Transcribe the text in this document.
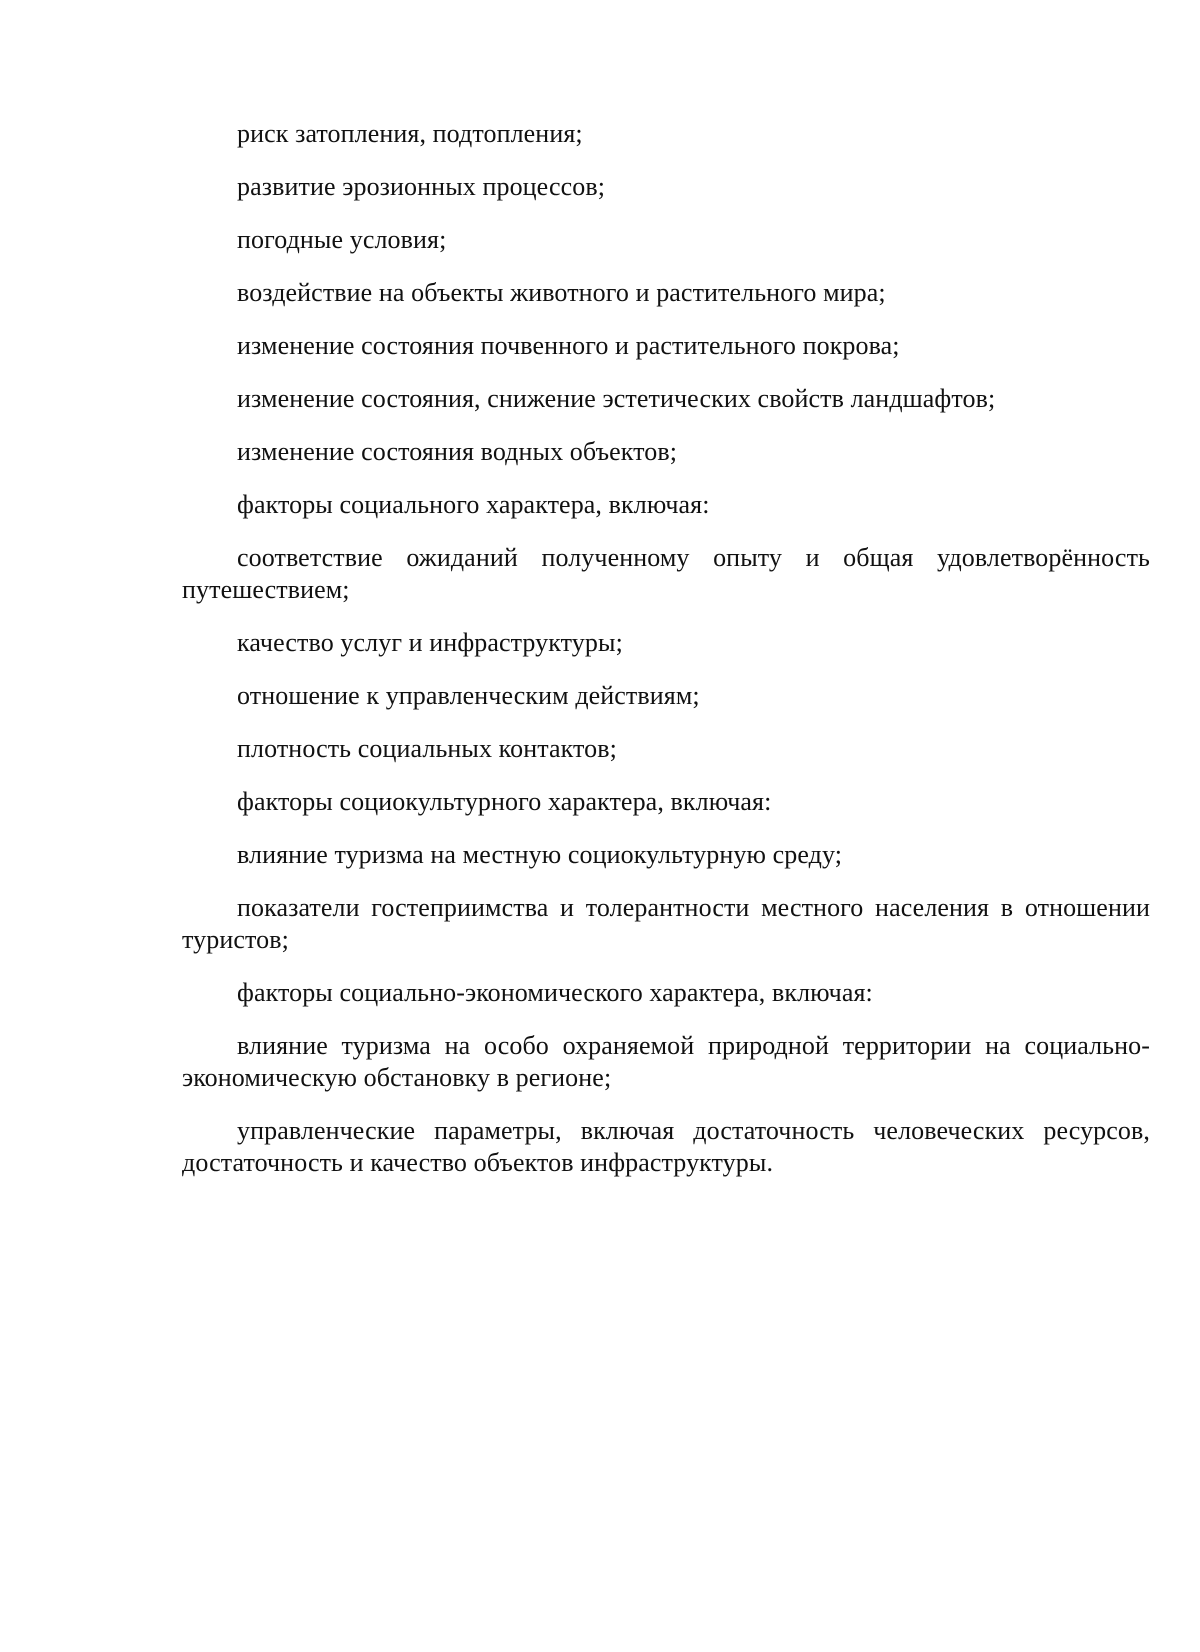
риск затопления, подтопления;

развитие эрозионных процессов;

погодные условия;

воздействие на объекты животного и растительного мира;

изменение состояния почвенного и растительного покрова;

изменение состояния, снижение эстетических свойств ландшафтов;

изменение состояния водных объектов;

факторы социального характера, включая:

соответствие ожиданий полученному опыту и общая удовлетворённость путешествием;

качество услуг и инфраструктуры;

отношение к управленческим действиям;

плотность социальных контактов;

факторы социокультурного характера, включая:

влияние туризма на местную социокультурную среду;

показатели гостеприимства и толерантности местного населения в отношении туристов;

факторы социально-экономического характера, включая:

влияние туризма на особо охраняемой природной территории на социально-экономическую обстановку в регионе;

управленческие параметры, включая достаточность человеческих ресурсов, достаточность и качество объектов инфраструктуры.
